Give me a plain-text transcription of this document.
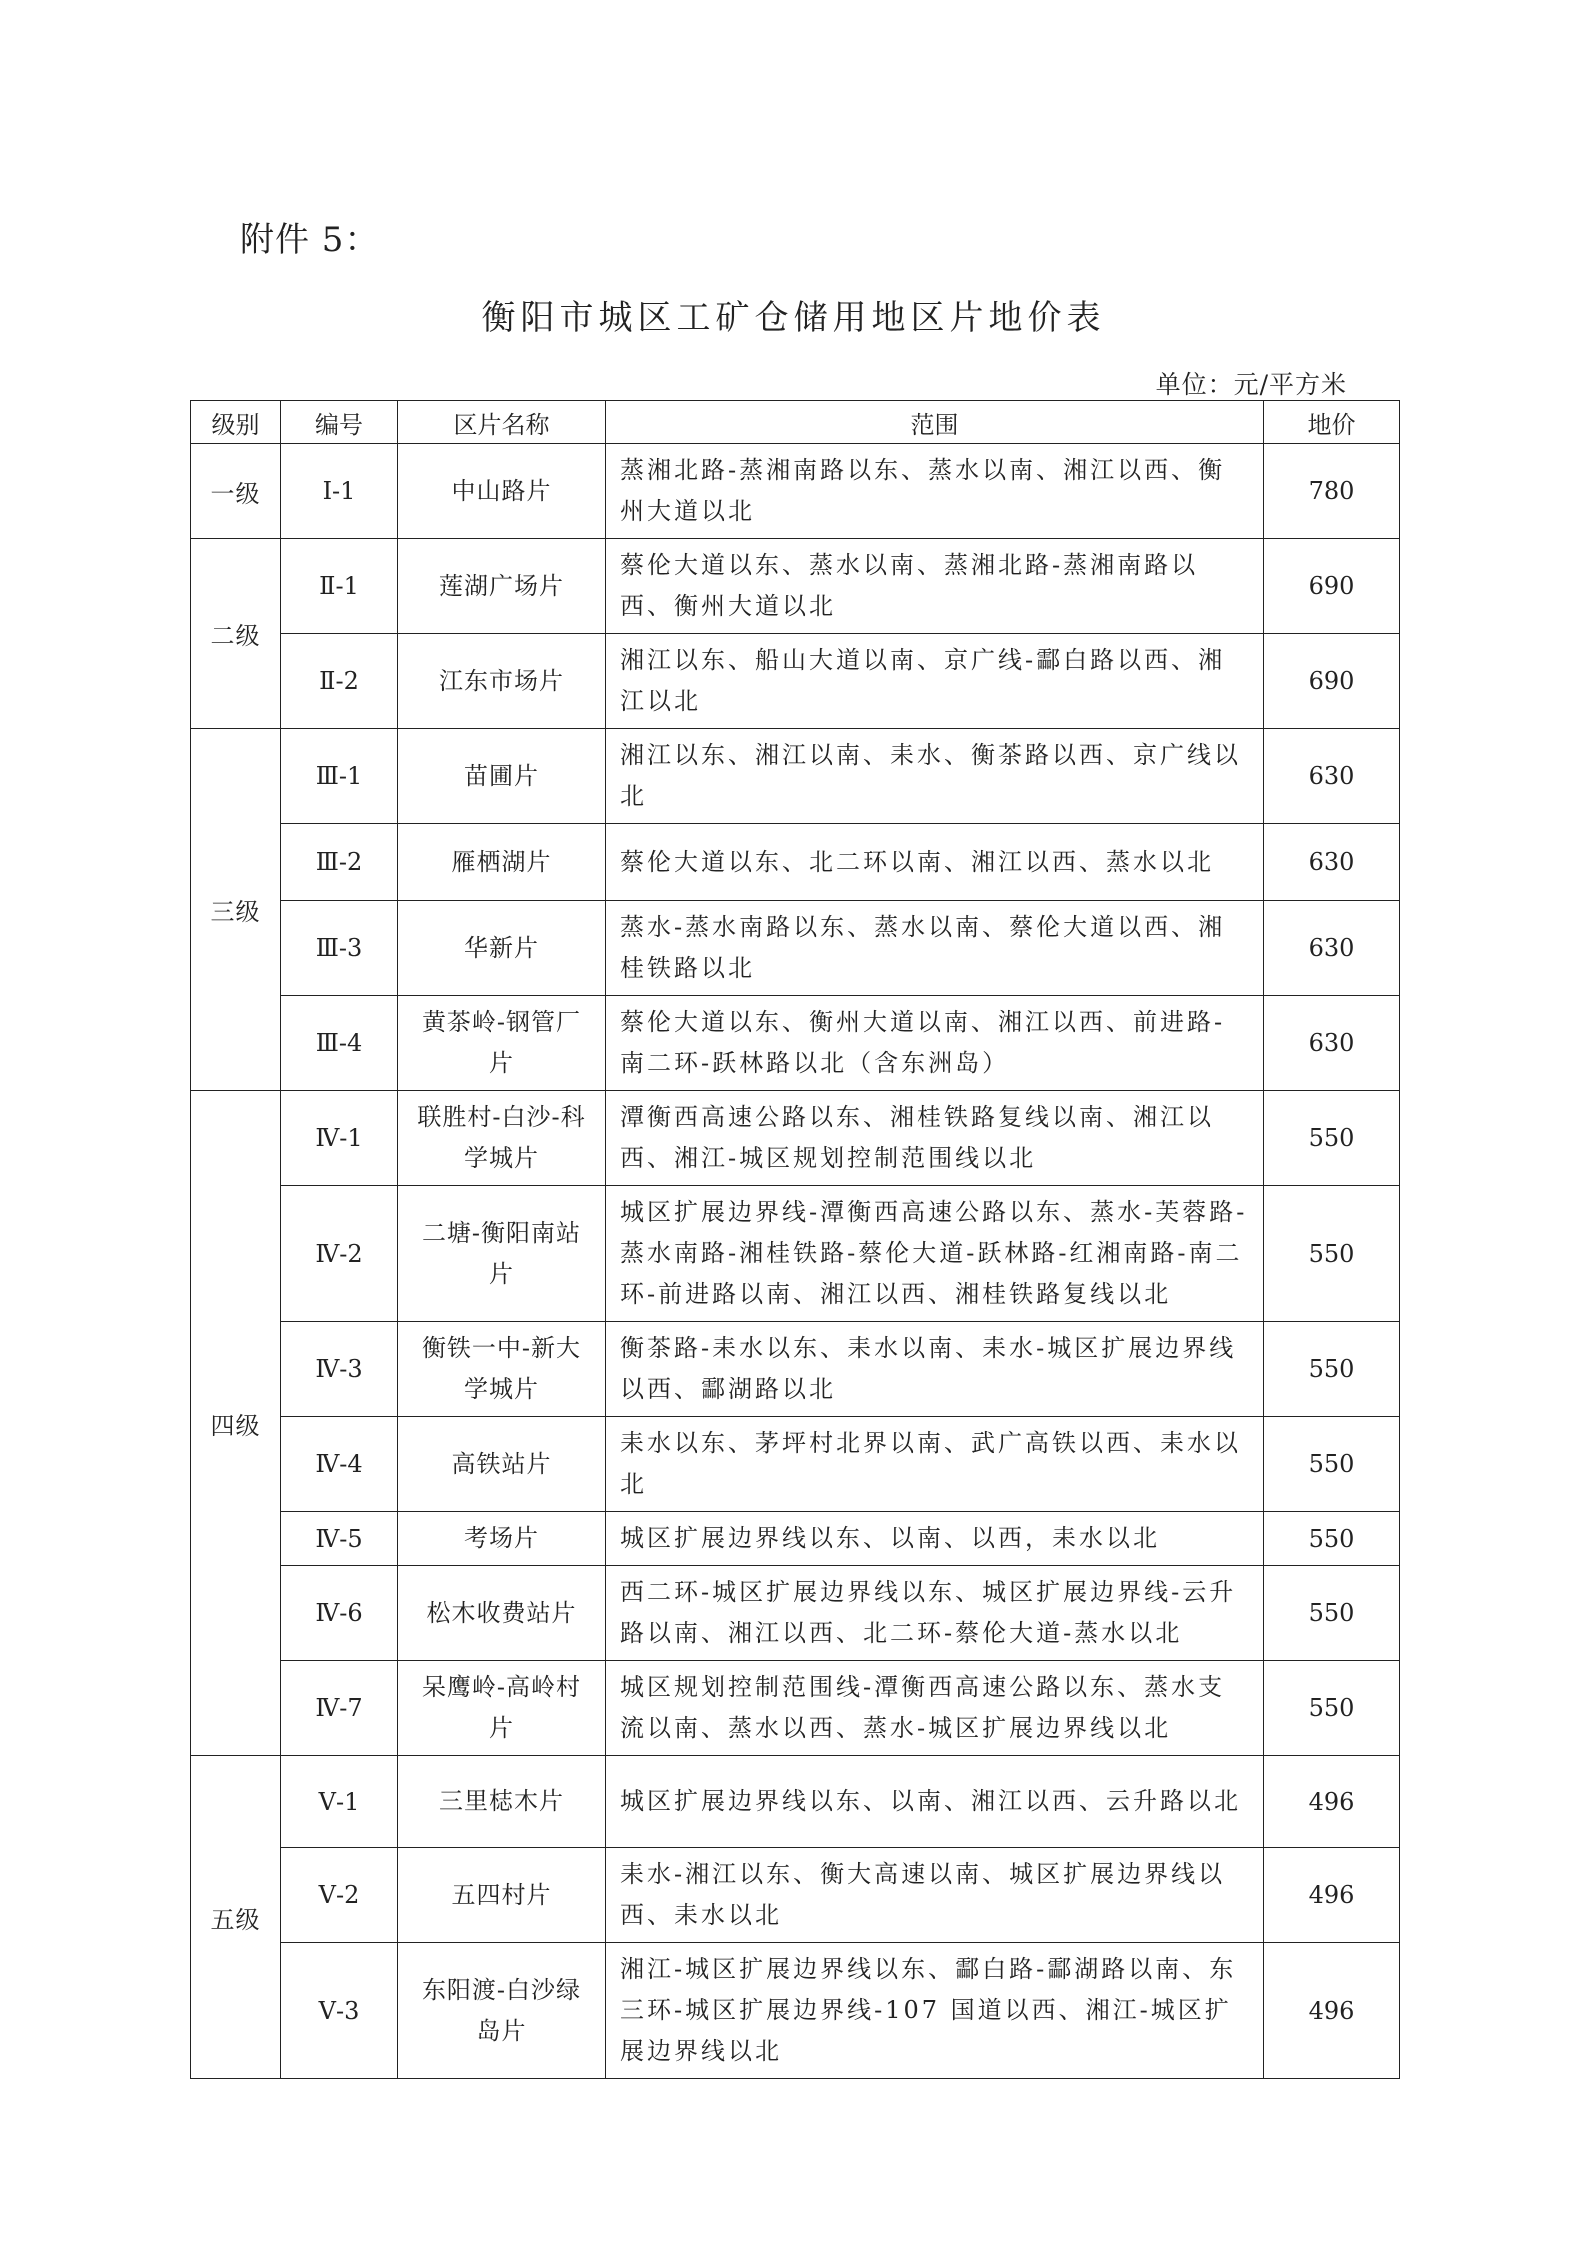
附件 5：
衡阳市城区工矿仓储用地区片地价表
单位：元/平方米
级别	编号	区片名称	范围	地价
一级	Ⅰ-1	中山路片	蒸湘北路-蒸湘南路以东、蒸水以南、湘江以西、衡州大道以北	780
二级	Ⅱ-1	莲湖广场片	蔡伦大道以东、蒸水以南、蒸湘北路-蒸湘南路以西、衡州大道以北	690
	Ⅱ-2	江东市场片	湘江以东、船山大道以南、京广线-酃白路以西、湘江以北	690
三级	Ⅲ-1	苗圃片	湘江以东、湘江以南、耒水、衡茶路以西、京广线以北	630
	Ⅲ-2	雁栖湖片	蔡伦大道以东、北二环以南、湘江以西、蒸水以北	630
	Ⅲ-3	华新片	蒸水-蒸水南路以东、蒸水以南、蔡伦大道以西、湘桂铁路以北	630
	Ⅲ-4	黄茶岭-钢管厂片	蔡伦大道以东、衡州大道以南、湘江以西、前进路-南二环-跃林路以北（含东洲岛）	630
四级	Ⅳ-1	联胜村-白沙-科学城片	潭衡西高速公路以东、湘桂铁路复线以南、湘江以西、湘江-城区规划控制范围线以北	550
	Ⅳ-2	二塘-衡阳南站片	城区扩展边界线-潭衡西高速公路以东、蒸水-芙蓉路-蒸水南路-湘桂铁路-蔡伦大道-跃林路-红湘南路-南二环-前进路以南、湘江以西、湘桂铁路复线以北	550
	Ⅳ-3	衡铁一中-新大学城片	衡茶路-耒水以东、耒水以南、耒水-城区扩展边界线以西、酃湖路以北	550
	Ⅳ-4	高铁站片	耒水以东、茅坪村北界以南、武广高铁以西、耒水以北	550
	Ⅳ-5	考场片	城区扩展边界线以东、以南、以西，耒水以北	550
	Ⅳ-6	松木收费站片	西二环-城区扩展边界线以东、城区扩展边界线-云升路以南、湘江以西、北二环-蔡伦大道-蒸水以北	550
	Ⅳ-7	呆鹰岭-高岭村片	城区规划控制范围线-潭衡西高速公路以东、蒸水支流以南、蒸水以西、蒸水-城区扩展边界线以北	550
五级	Ⅴ-1	三里梽木片	城区扩展边界线以东、以南、湘江以西、云升路以北	496
	Ⅴ-2	五四村片	耒水-湘江以东、衡大高速以南、城区扩展边界线以西、耒水以北	496
	Ⅴ-3	东阳渡-白沙绿岛片	湘江-城区扩展边界线以东、酃白路-酃湖路以南、东三环-城区扩展边界线-107 国道以西、湘江-城区扩展边界线以北	496
